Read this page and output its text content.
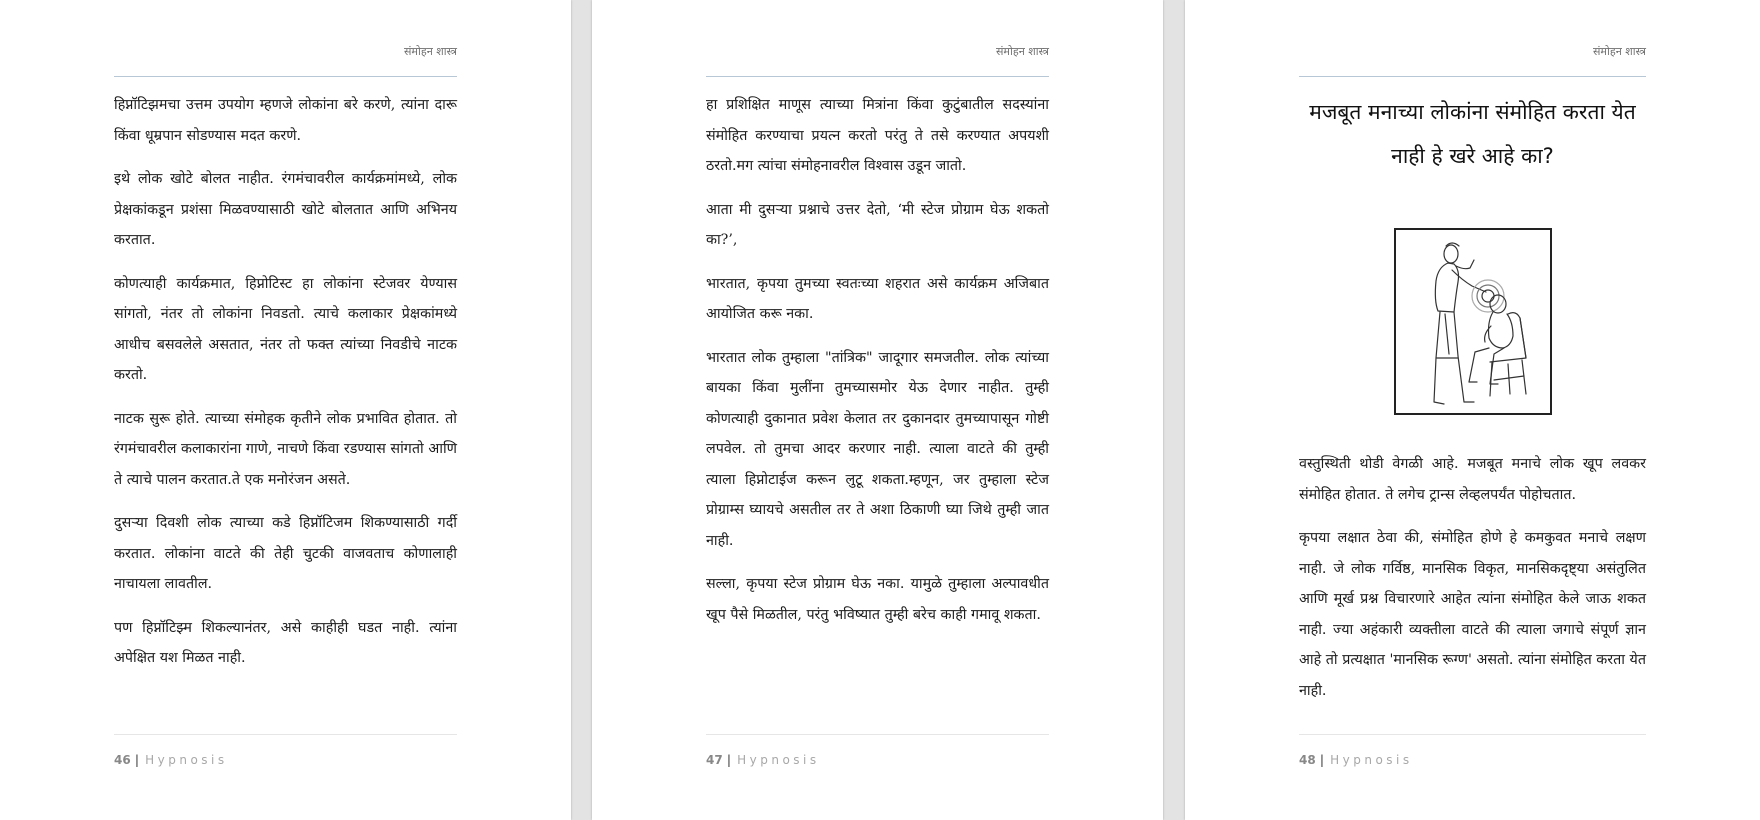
संमोहन शास्त्र

हिप्नॉटिझमचा उत्तम उपयोग म्हणजे लोकांना बरे करणे, त्यांना दारू किंवा धूम्रपान सोडण्यास मदत करणे.

इथे लोक खोटे बोलत नाहीत. रंगमंचावरील कार्यक्रमांमध्ये, लोक प्रेक्षकांकडून प्रशंसा मिळवण्यासाठी खोटे बोलतात आणि अभिनय करतात.

कोणत्याही कार्यक्रमात, हिप्नोटिस्ट हा लोकांना स्टेजवर येण्यास सांगतो, नंतर तो लोकांना निवडतो. त्याचे कलाकार प्रेक्षकांमध्ये आधीच बसवलेले असतात, नंतर तो फक्त त्यांच्या निवडीचे नाटक करतो.

नाटक सुरू होते. त्याच्या संमोहक कृतीने लोक प्रभावित होतात. तो रंगमंचावरील कलाकारांना गाणे, नाचणे किंवा रडण्यास सांगतो आणि ते त्याचे पालन करतात.ते एक मनोरंजन असते.

दुसऱ्या दिवशी लोक त्याच्या कडे हिप्नॉटिजम शिकण्यासाठी गर्दी करतात. लोकांना वाटते की तेही चुटकी वाजवताच कोणालाही नाचायला लावतील.

पण हिप्नॉटिझ्म शिकल्यानंतर, असे काहीही घडत नाही. त्यांना अपेक्षित यश मिळत नाही.

46 | Hypnosis
संमोहन शास्त्र

हा प्रशिक्षित माणूस त्याच्या मित्रांना किंवा कुटुंबातील सदस्यांना संमोहित करण्याचा प्रयत्न करतो परंतु ते तसे करण्यात अपयशी ठरतो.मग त्यांचा संमोहनावरील विश्वास उडून जातो.

आता मी दुसऱ्या प्रश्नाचे उत्तर देतो, ‘मी स्टेज प्रोग्राम घेऊ शकतो का?’,

भारतात, कृपया तुमच्या स्वतःच्या शहरात असे कार्यक्रम अजिबात आयोजित करू नका.

भारतात लोक तुम्हाला "तांत्रिक" जादूगार समजतील. लोक त्यांच्या बायका किंवा मुलींना तुमच्यासमोर येऊ देणार नाहीत. तुम्ही कोणत्याही दुकानात प्रवेश केलात तर दुकानदार तुमच्यापासून गोष्टी लपवेल. तो तुमचा आदर करणार नाही. त्याला वाटते की तुम्ही त्याला हिप्नोटाईज करून लुटू शकता.म्हणून, जर तुम्हाला स्टेज प्रोग्राम्स घ्यायचे असतील तर ते अशा ठिकाणी घ्या जिथे तुम्ही जात नाही.

सल्ला, कृपया स्टेज प्रोग्राम घेऊ नका. यामुळे तुम्हाला अल्पावधीत खूप पैसे मिळतील, परंतु भविष्यात तुम्ही बरेच काही गमावू शकता.

47 | Hypnosis
संमोहन शास्त्र
मजबूत मनाच्या लोकांना संमोहित करता येत
नाही हे खरे आहे का?

वस्तुस्थिती थोडी वेगळी आहे. मजबूत मनाचे लोक खूप लवकर संमोहित होतात. ते लगेच ट्रान्स लेव्हलपर्यंत पोहोचतात.

कृपया लक्षात ठेवा की, संमोहित होणे हे कमकुवत मनाचे लक्षण नाही. जे लोक गर्विष्ठ, मानसिक विकृत, मानसिकदृष्ट्या असंतुलित आणि मूर्ख प्रश्न विचारणारे आहेत त्यांना संमोहित केले जाऊ शकत नाही. ज्या अहंकारी व्यक्तीला वाटते की त्याला जगाचे संपूर्ण ज्ञान आहे तो प्रत्यक्षात 'मानसिक रूग्ण' असतो. त्यांना संमोहित करता येत नाही.

48 | Hypnosis
